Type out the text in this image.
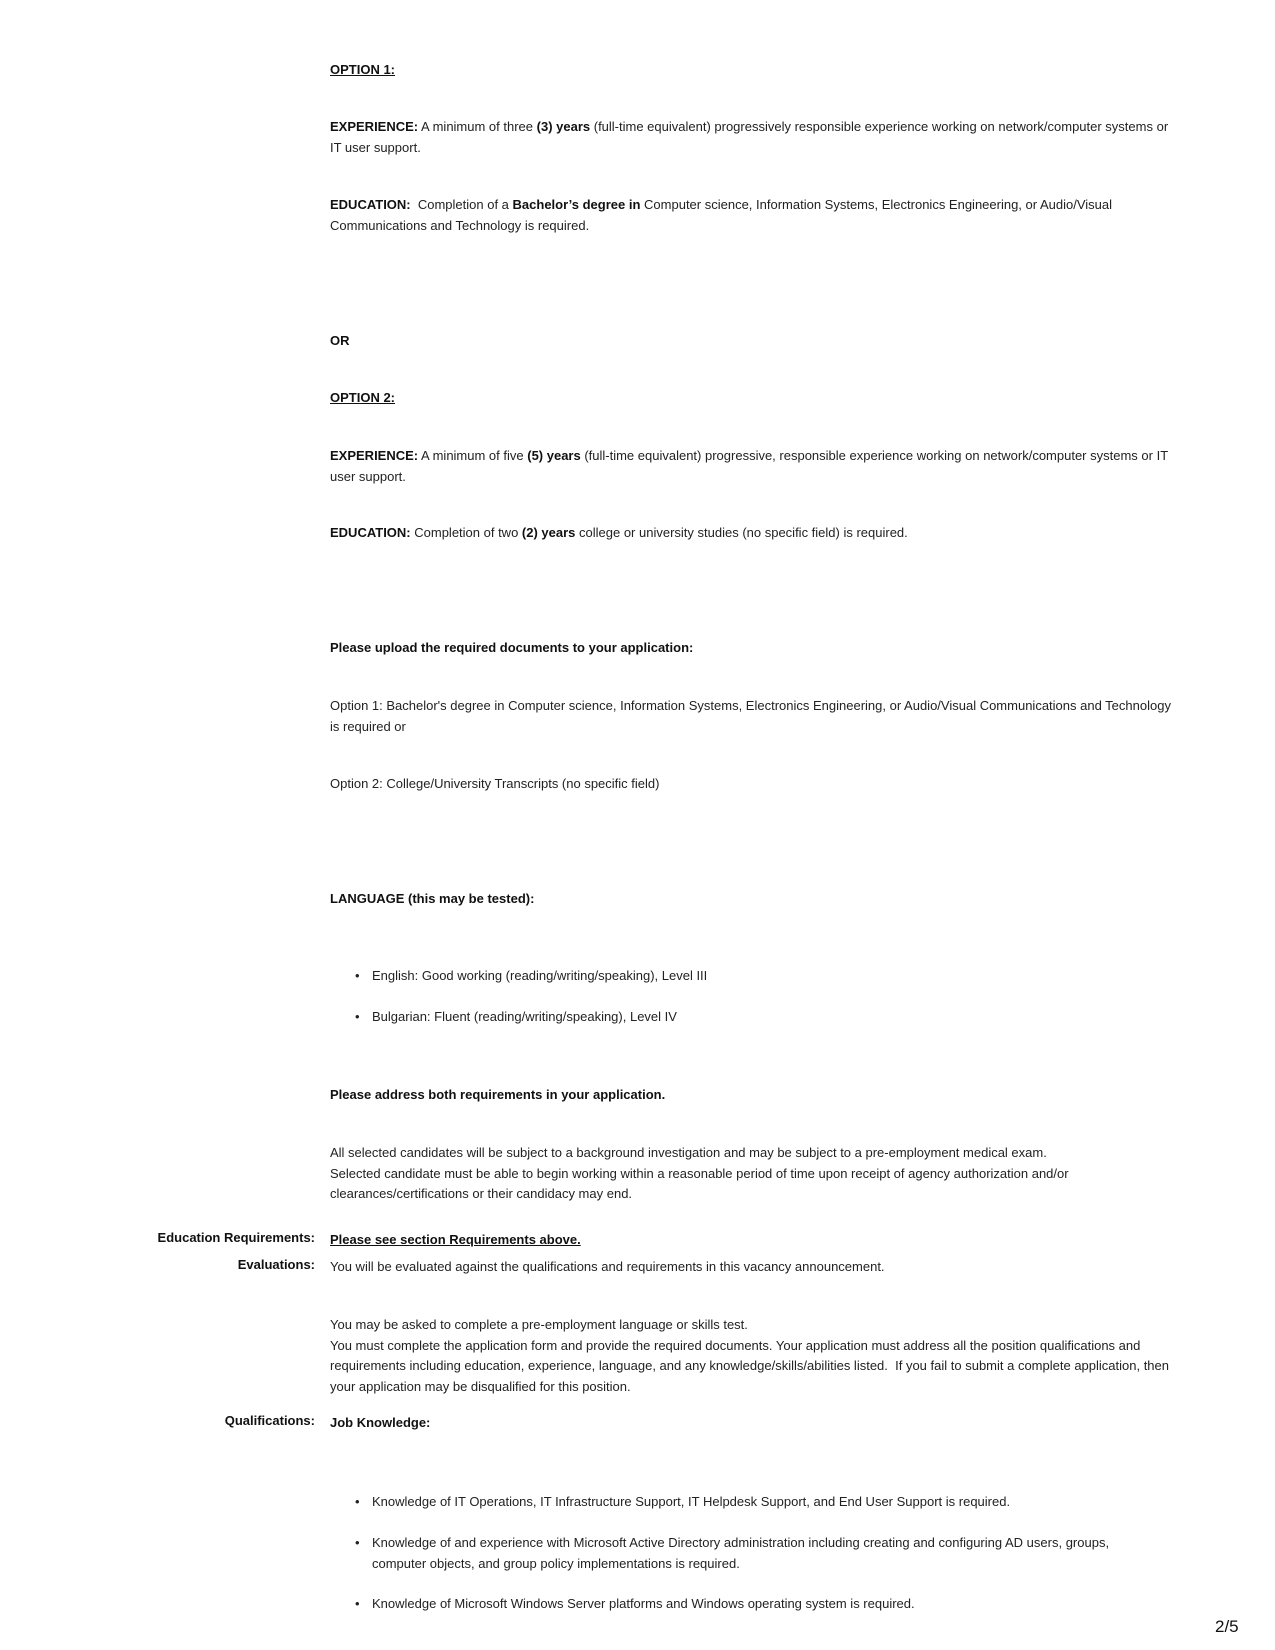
OPTION 1:
EXPERIENCE: A minimum of three (3) years (full-time equivalent) progressively responsible experience working on network/computer systems or IT user support.
EDUCATION:  Completion of a Bachelor’s degree in Computer science, Information Systems, Electronics Engineering, or Audio/Visual Communications and Technology is required.
OR
OPTION 2:
EXPERIENCE: A minimum of five (5) years (full-time equivalent) progressive, responsible experience working on network/computer systems or IT user support.
EDUCATION: Completion of two (2) years college or university studies (no specific field) is required.
Please upload the required documents to your application:
Option 1: Bachelor's degree in Computer science, Information Systems, Electronics Engineering, or Audio/Visual Communications and Technology is required or
Option 2: College/University Transcripts (no specific field)
LANGUAGE (this may be tested):
• English: Good working (reading/writing/speaking), Level III
• Bulgarian: Fluent (reading/writing/speaking), Level IV
Please address both requirements in your application.
All selected candidates will be subject to a background investigation and may be subject to a pre-employment medical exam.
Selected candidate must be able to begin working within a reasonable period of time upon receipt of agency authorization and/or clearances/certifications or their candidacy may end.
Education Requirements: Please see section Requirements above.
Evaluations: You will be evaluated against the qualifications and requirements in this vacancy announcement.
You may be asked to complete a pre-employment language or skills test.
You must complete the application form and provide the required documents. Your application must address all the position qualifications and requirements including education, experience, language, and any knowledge/skills/abilities listed.  If you fail to submit a complete application, then your application may be disqualified for this position.
Qualifications: Job Knowledge:
• Knowledge of IT Operations, IT Infrastructure Support, IT Helpdesk Support, and End User Support is required.
• Knowledge of and experience with Microsoft Active Directory administration including creating and configuring AD users, groups, computer objects, and group policy implementations is required.
• Knowledge of Microsoft Windows Server platforms and Windows operating system is required.
2/5
